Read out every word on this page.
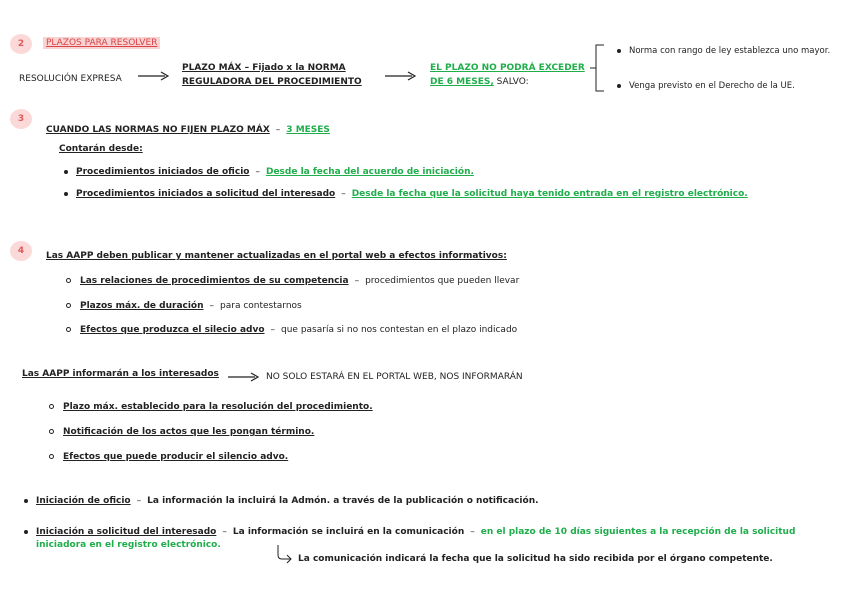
2	PLAZOS PARA RESOLVER
RESOLUCIÓN EXPRESA
PLAZO MÁX – Fijado x la NORMA
REGULADORA DEL PROCEDIMIENTO
EL PLAZO NO PODRÁ EXCEDER
DE 6 MESES, SALVO:
Norma con rango de ley establezca uno mayor.
Venga previsto en el Derecho de la UE.
3
CUANDO LAS NORMAS NO FIJEN PLAZO MÁX – 3 MESES
Contarán desde:
Procedimientos iniciados de oficio – Desde la fecha del acuerdo de iniciación.
Procedimientos iniciados a solicitud del interesado – Desde la fecha que la solicitud haya tenido entrada en el registro electrónico.
4	Las AAPP deben publicar y mantener actualizadas en el portal web a efectos informativos:
Las relaciones de procedimientos de su competencia – procedimientos que pueden llevar
Plazos máx. de duración – para contestarnos
Efectos que produzca el silecio advo – que pasaría si no nos contestan en el plazo indicado
Las AAPP informarán a los interesados	NO SOLO ESTARÁ EN EL PORTAL WEB, NOS INFORMARÁN
Plazo máx. establecido para la resolución del procedimiento.
Notificación de los actos que les pongan término.
Efectos que puede producir el silencio advo.
Iniciación de oficio – La información la incluirá la Admón. a través de la publicación o notificación.
Iniciación a solicitud del interesado – La información se incluirá en la comunicación – en el plazo de 10 días siguientes a la recepción de la solicitud
iniciadora en el registro electrónico.
La comunicación indicará la fecha que la solicitud ha sido recibida por el órgano competente.
